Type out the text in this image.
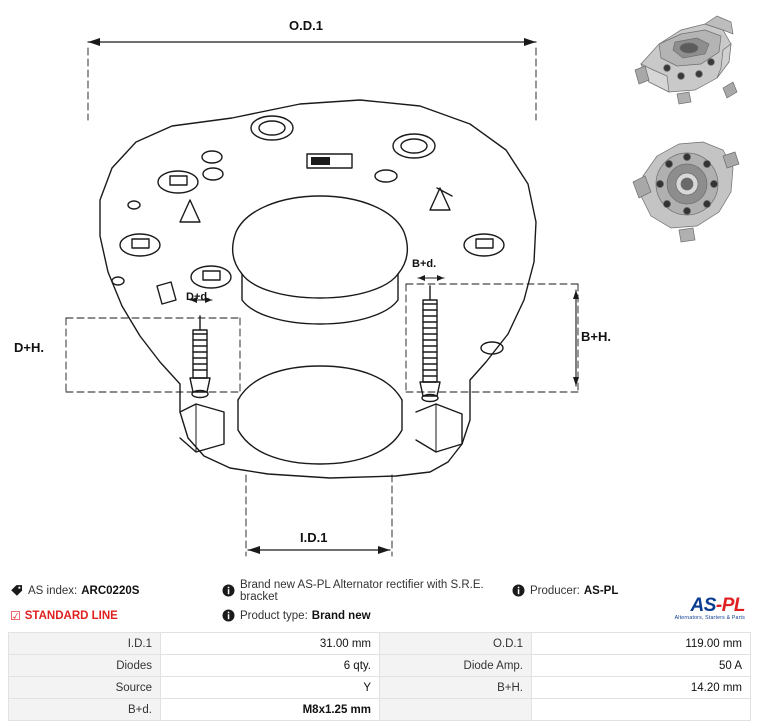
O.D.1
I.D.1
B+H.
D+H.
B+d.
D+d.
AS index: ARC0220S	Brand new AS-PL Alternator rectifier with S.R.E. bracket	Producer: AS-PL
☑ STANDARD LINE	Product type: Brand new	AS-PL
Alternators, Starters & Parts
I.D.1	31.00 mm	O.D.1	119.00 mm
Diodes	6 qty.	Diode Amp.	50 A
Source	Y	B+H.	14.20 mm
B+d.	M8x1.25 mm		
